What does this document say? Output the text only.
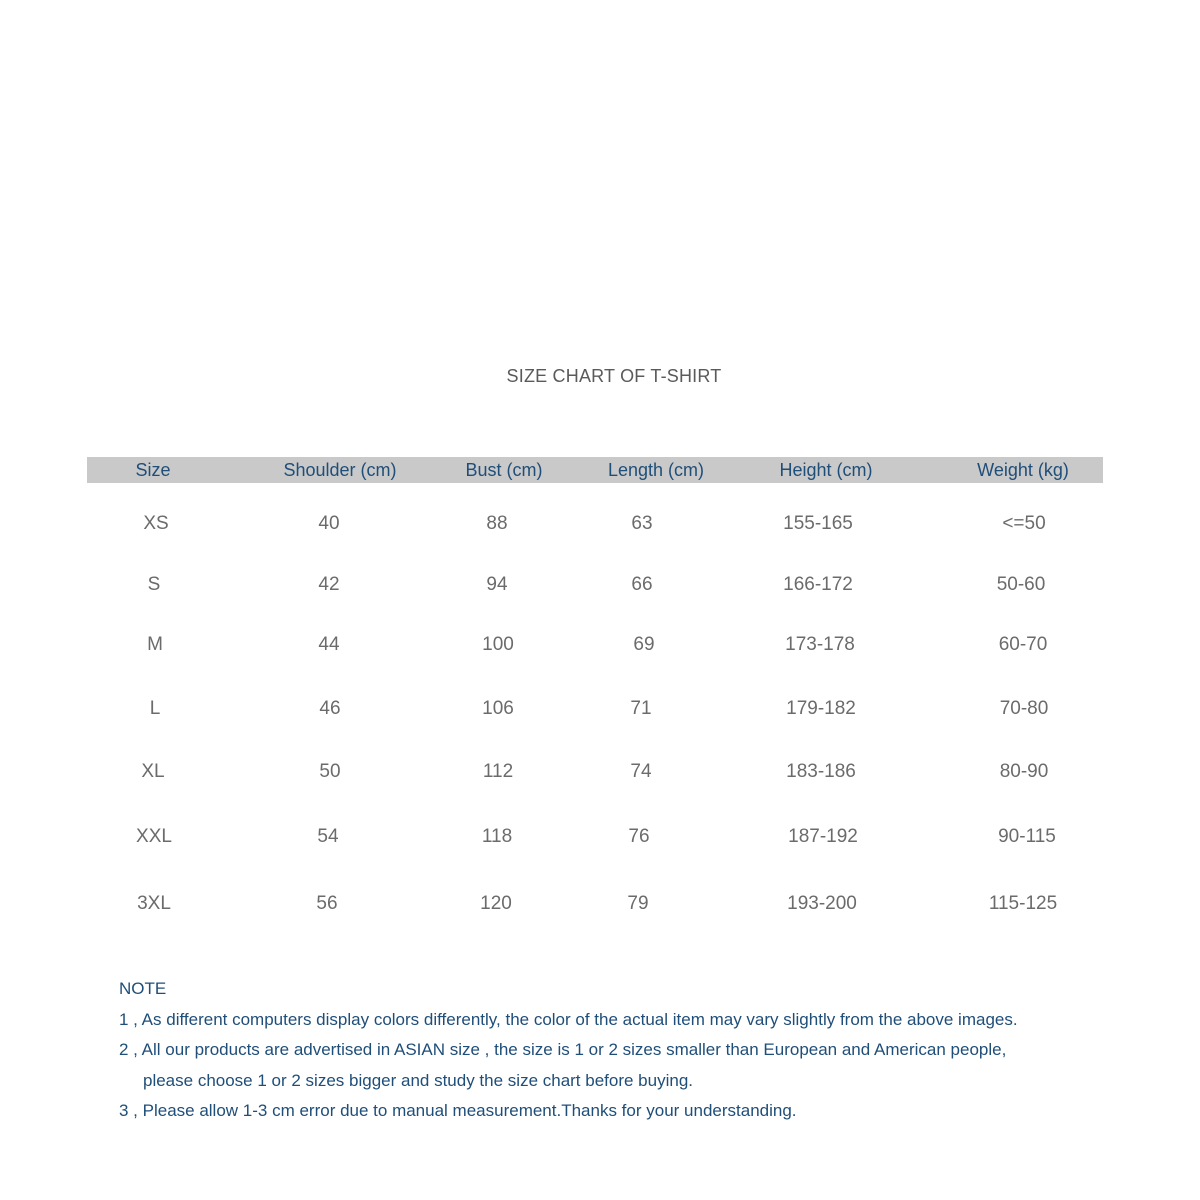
SIZE CHART OF T-SHIRT
Size	Shoulder (cm)	Bust (cm)	Length (cm)	Height (cm)	Weight (kg)
XS	40	88	63	155-165	<=50
S	42	94	66	166-172	50-60
M	44	100	69	173-178	60-70
L	46	106	71	179-182	70-80
XL	50	112	74	183-186	80-90
XXL	54	118	76	187-192	90-115
3XL	56	120	79	193-200	115-125
NOTE
1 , As different computers display colors differently, the color of the actual item may vary slightly from the above images.
2 , All our products are advertised in ASIAN size , the size is 1 or 2 sizes smaller than European and American people,
please choose 1 or 2 sizes bigger and study the size chart before buying.
3 , Please allow 1-3 cm error due to manual measurement.Thanks for your understanding.
